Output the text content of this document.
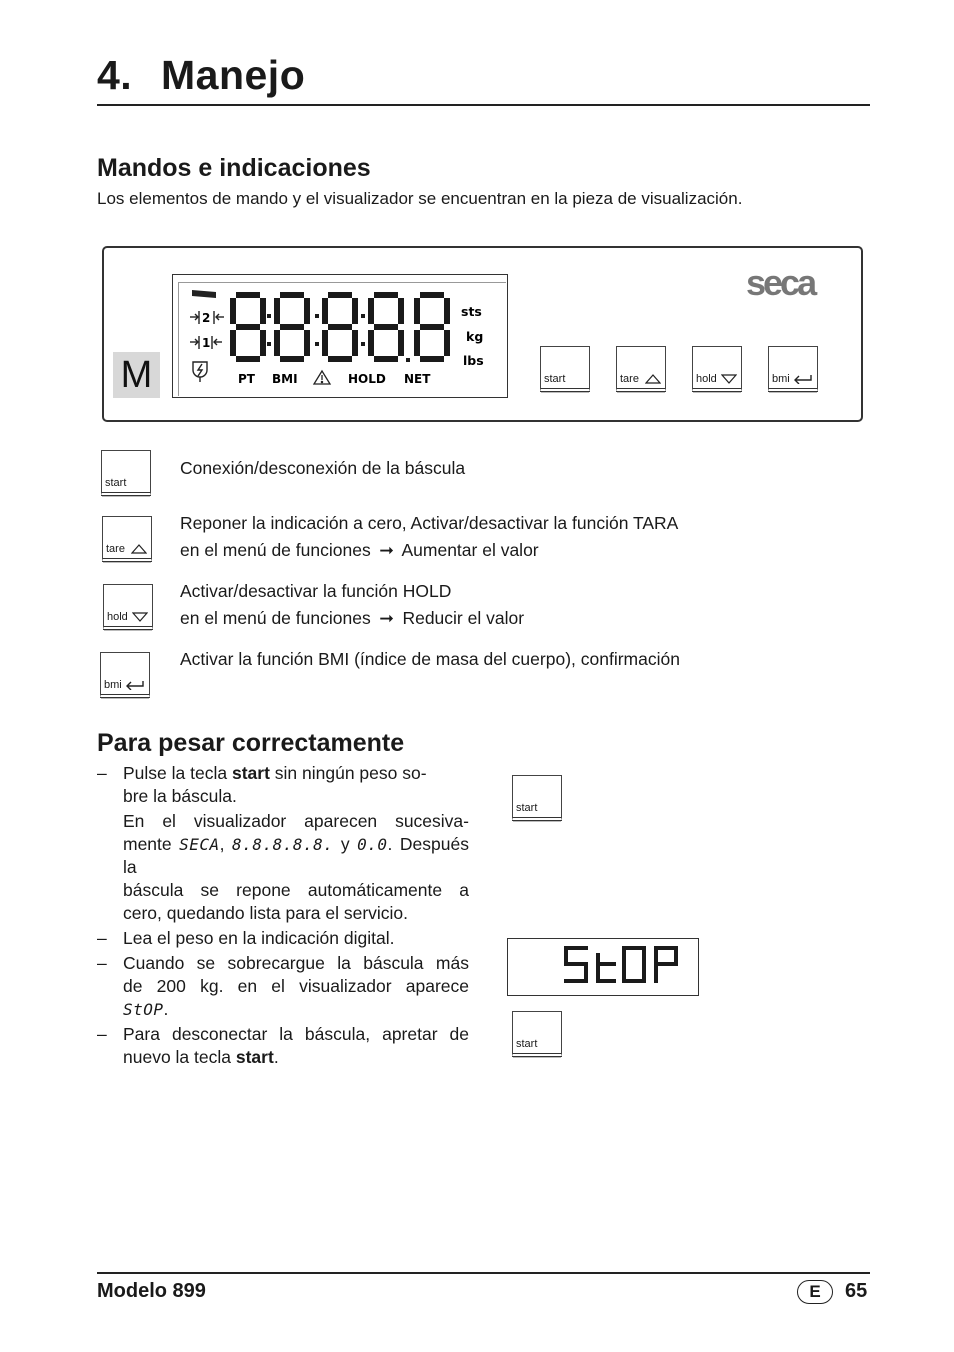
4. Manejo
Mandos e indicaciones
Los elementos de mando y el visualizador se encuentran en la pieza de visualización.
M
2
1
sts
kg
lbs
PT BMI	HOLD NET
seca
start	tare	hold	bmi
start
Conexión/desconexión de la báscula
tare
Reponer la indicación a cero, Activar/desactivar la función TARA
en el menú de funciones ➞ Aumentar el valor
hold
Activar/desactivar la función HOLD
en el menú de funciones ➞ Reducir el valor
bmi
Activar la función BMI (índice de masa del cuerpo), confirmación
Para pesar correctamente
– Pulse la tecla start sin ningún peso so-
bre la báscula.
En el visualizador aparecen sucesiva-
mente SECA, 8.8.8.8.8. y 0.0. Después la
báscula se repone automáticamente a
cero, quedando lista para el servicio.
– Lea el peso en la indicación digital.
– Cuando se sobrecargue la báscula más
de 200 kg. en el visualizador aparece
StOP.
– Para desconectar la báscula, apretar de
nuevo la tecla start.
start
start
Modelo 899	E	65
